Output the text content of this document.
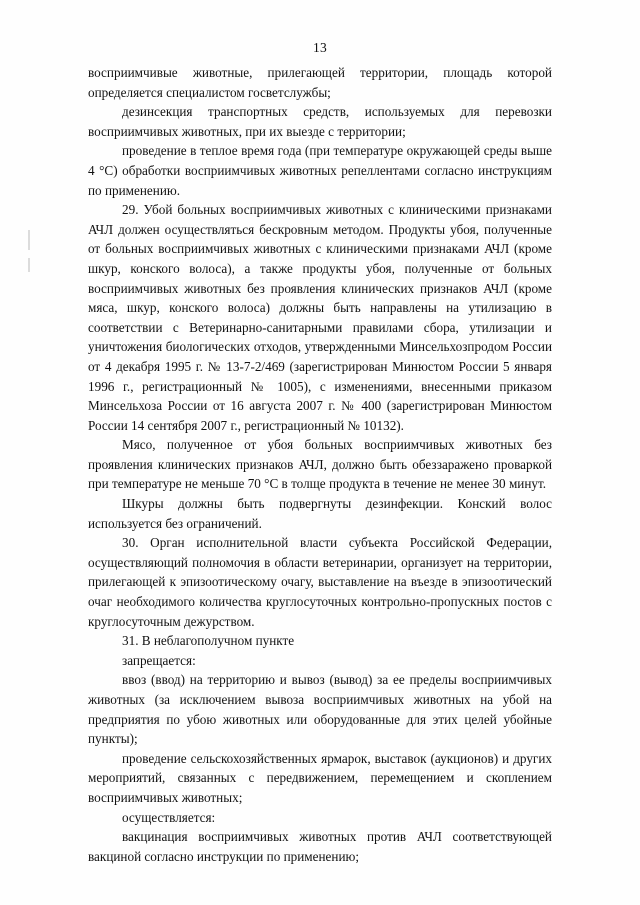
13

восприимчивые животные, прилегающей территории, площадь которой определяется специалистом госветслужбы;

дезинсекция транспортных средств, используемых для перевозки восприимчивых животных, при их выезде с территории;

проведение в теплое время года (при температуре окружающей среды выше 4 °C) обработки восприимчивых животных репеллентами согласно инструкциям по применению.

29. Убой больных восприимчивых животных с клиническими признаками АЧЛ должен осуществляться бескровным методом. Продукты убоя, полученные от больных восприимчивых животных с клиническими признаками АЧЛ (кроме шкур, конского волоса), а также продукты убоя, полученные от больных восприимчивых животных без проявления клинических признаков АЧЛ (кроме мяса, шкур, конского волоса) должны быть направлены на утилизацию в соответствии с Ветеринарно-санитарными правилами сбора, утилизации и уничтожения биологических отходов, утвержденными Минсельхозпродом России от 4 декабря 1995 г. № 13-7-2/469 (зарегистрирован Минюстом России 5 января 1996 г., регистрационный № 1005), с изменениями, внесенными приказом Минсельхоза России от 16 августа 2007 г. № 400 (зарегистрирован Минюстом России 14 сентября 2007 г., регистрационный № 10132).

Мясо, полученное от убоя больных восприимчивых животных без проявления клинических признаков АЧЛ, должно быть обеззаражено проваркой при температуре не меньше 70 °C в толще продукта в течение не менее 30 минут.

Шкуры должны быть подвергнуты дезинфекции. Конский волос используется без ограничений.

30. Орган исполнительной власти субъекта Российской Федерации, осуществляющий полномочия в области ветеринарии, организует на территории, прилегающей к эпизоотическому очагу, выставление на въезде в эпизоотический очаг необходимого количества круглосуточных контрольно-пропускных постов с круглосуточным дежурством.

31. В неблагополучном пункте

запрещается:

ввоз (ввод) на территорию и вывоз (вывод) за ее пределы восприимчивых животных (за исключением вывоза восприимчивых животных на убой на предприятия по убою животных или оборудованные для этих целей убойные пункты);

проведение сельскохозяйственных ярмарок, выставок (аукционов) и других мероприятий, связанных с передвижением, перемещением и скоплением восприимчивых животных;

осуществляется:

вакцинация восприимчивых животных против АЧЛ соответствующей вакциной согласно инструкции по применению;
